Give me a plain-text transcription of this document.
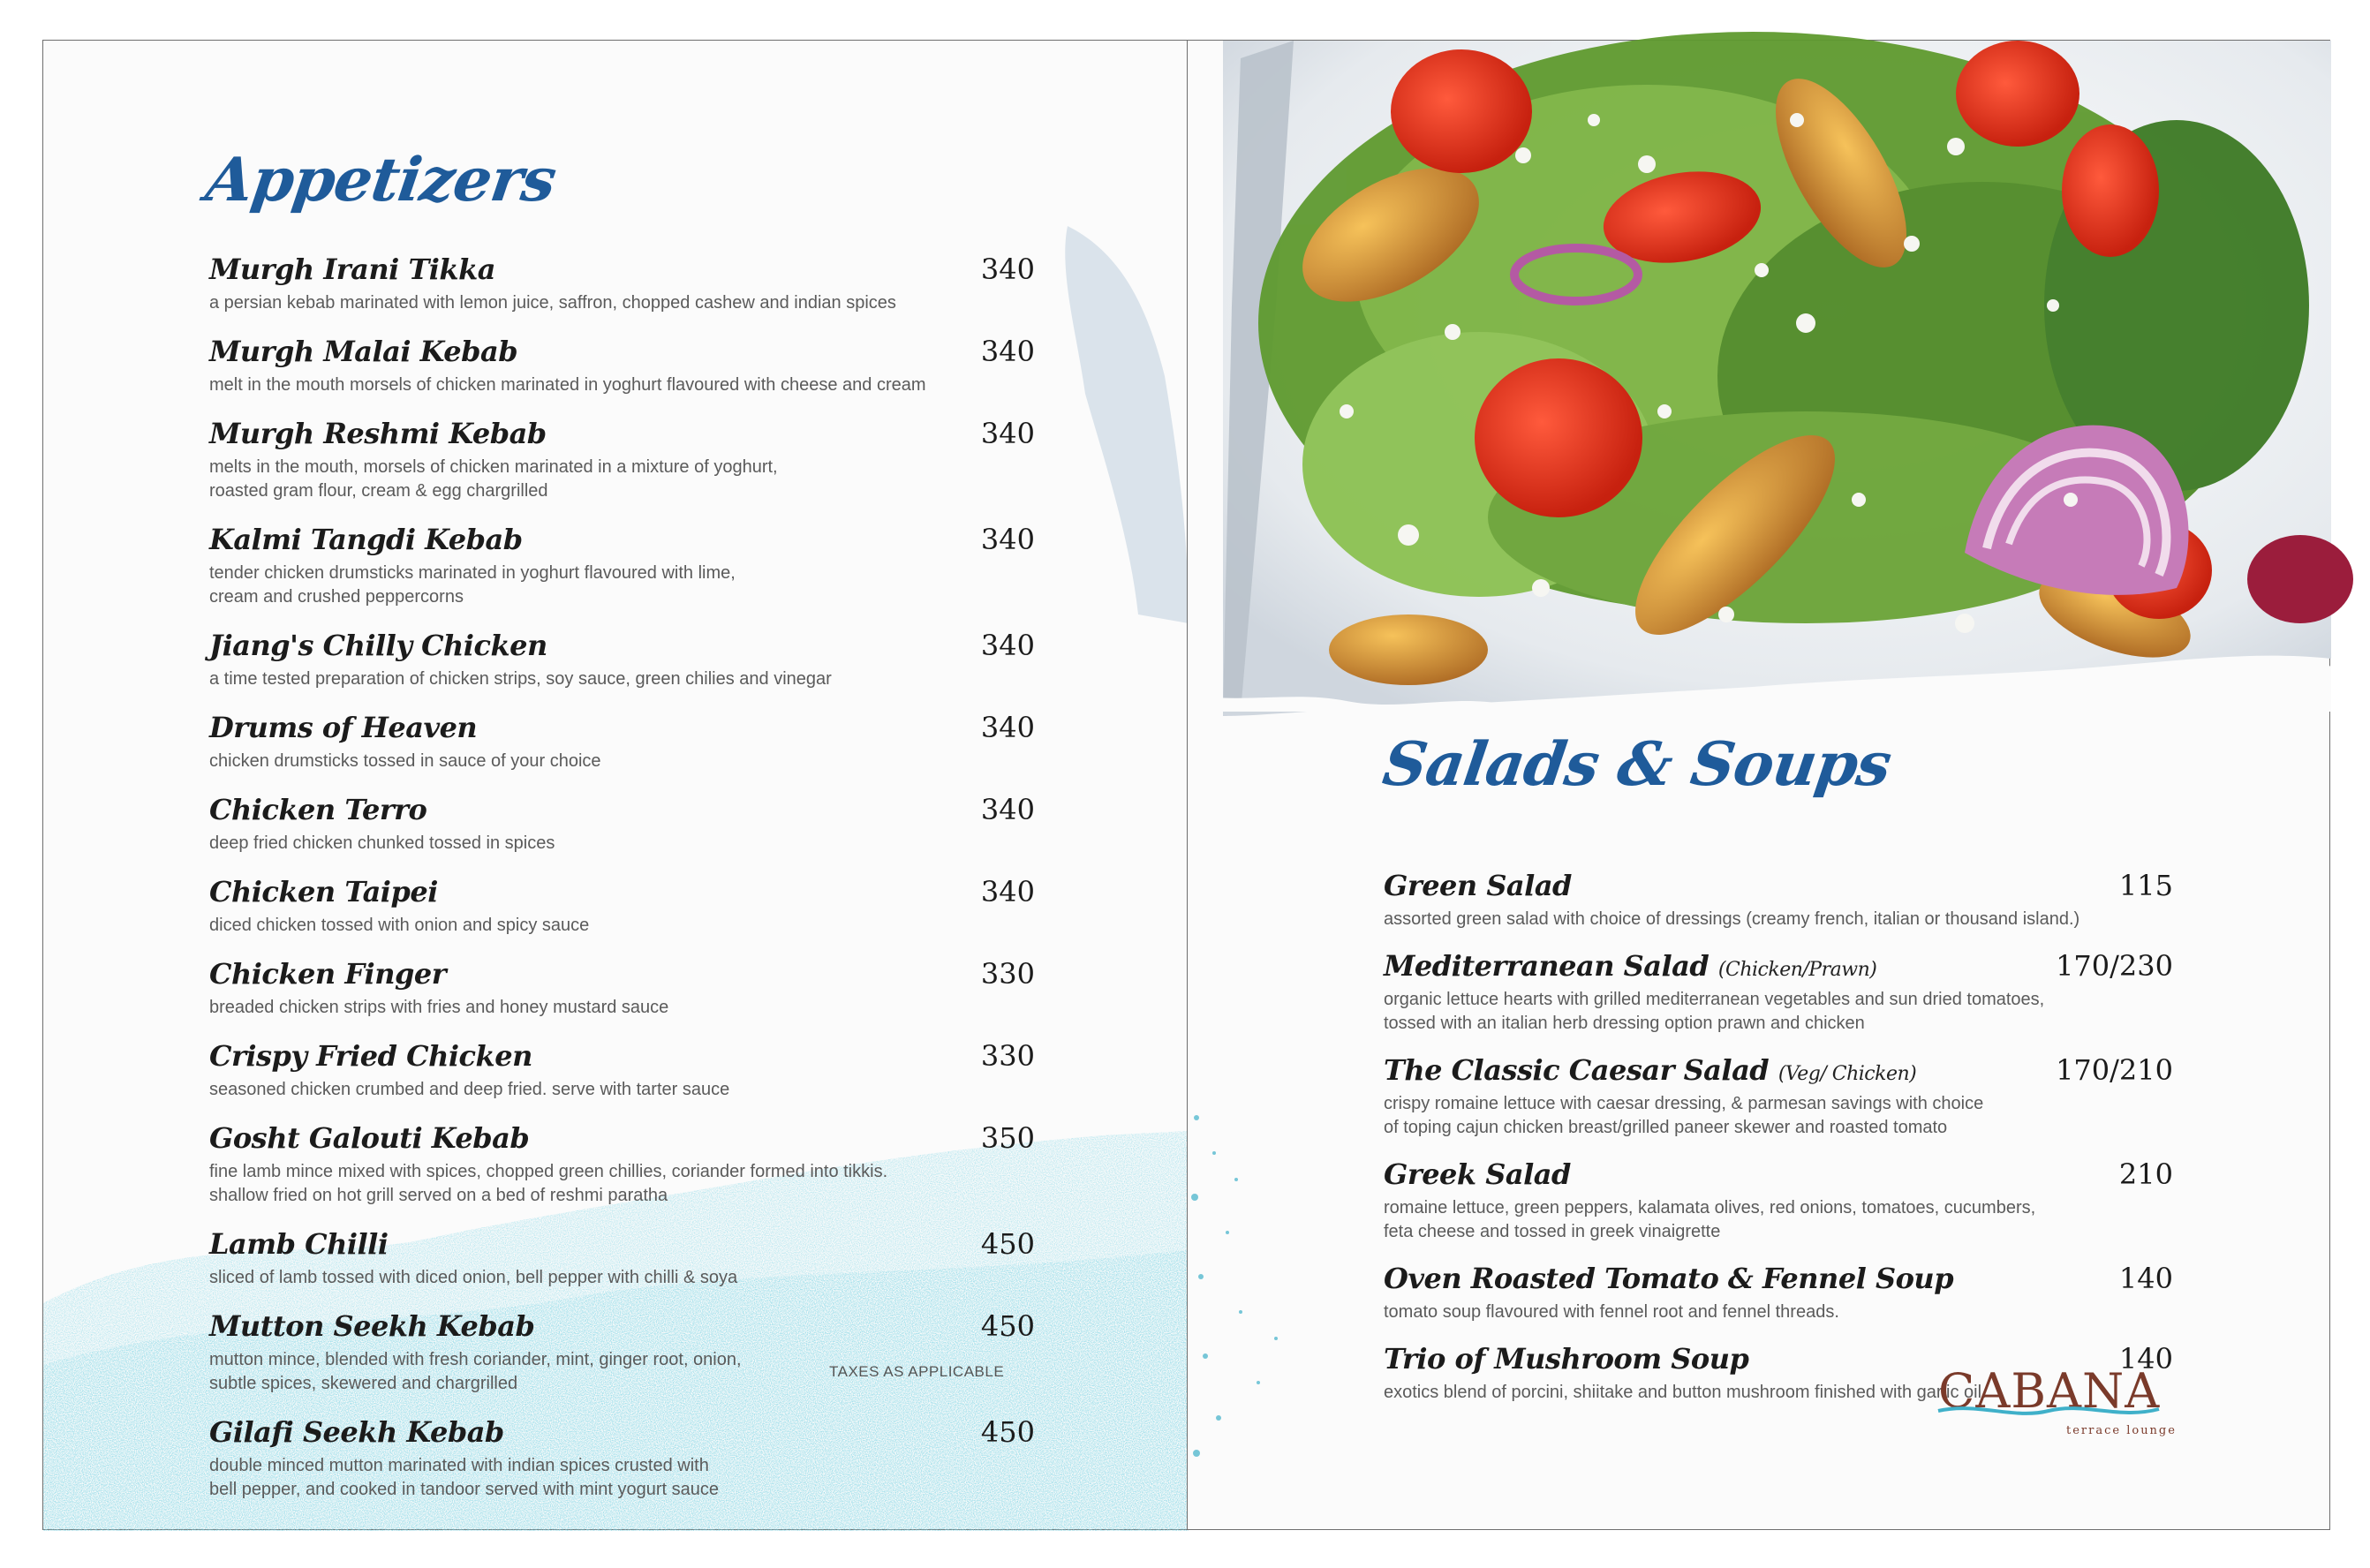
Appetizers
Murgh Irani Tikka	340
a persian kebab marinated with lemon juice, saffron, chopped cashew and indian spices
Murgh Malai Kebab	340
melt in the mouth morsels of chicken marinated in yoghurt flavoured with cheese and cream
Murgh Reshmi Kebab	340
melts in the mouth, morsels of chicken marinated in a mixture of yoghurt,
roasted gram flour, cream & egg chargrilled
Kalmi Tangdi Kebab	340
tender chicken drumsticks marinated in yoghurt flavoured with lime,
cream and crushed peppercorns
Jiang's Chilly Chicken	340
a time tested preparation of chicken strips, soy sauce, green chilies and vinegar
Drums of Heaven	340
chicken drumsticks tossed in sauce of your choice
Chicken Terro	340
deep fried chicken chunked tossed in spices
Chicken Taipei	340
diced chicken tossed with onion and spicy sauce
Chicken Finger	330
breaded chicken strips with fries and honey mustard sauce
Crispy Fried Chicken	330
seasoned chicken crumbed and deep fried. serve with tarter sauce
Gosht Galouti Kebab	350
fine lamb mince mixed with spices, chopped green chillies, coriander formed into tikkis.
shallow fried on hot grill served on a bed of reshmi paratha
Lamb Chilli	450
sliced of lamb tossed with diced onion, bell pepper with chilli & soya
Mutton Seekh Kebab	450
mutton mince, blended with fresh coriander, mint, ginger root, onion,
subtle spices, skewered and chargrilled
Gilafi Seekh Kebab	450
double minced mutton marinated with indian spices crusted with
bell pepper, and cooked in tandoor served with mint yogurt sauce
TAXES AS APPLICABLE
Salads & Soups
Green Salad	115
assorted green salad with choice of dressings (creamy french, italian or thousand island.)
Mediterranean Salad (Chicken/Prawn)	170/230
organic lettuce hearts with grilled mediterranean vegetables and sun dried tomatoes,
tossed with an italian herb dressing option prawn and chicken
The Classic Caesar Salad (Veg/ Chicken)	170/210
crispy romaine lettuce with caesar dressing, & parmesan savings with choice
of toping cajun chicken breast/grilled paneer skewer and roasted tomato
Greek Salad	210
romaine lettuce, green peppers, kalamata olives, red onions, tomatoes, cucumbers,
feta cheese and tossed in greek vinaigrette
Oven Roasted Tomato & Fennel Soup	140
tomato soup flavoured with fennel root and fennel threads.
Trio of Mushroom Soup	140
exotics blend of porcini, shiitake and button mushroom finished with garlic oil.
CABANA
terrace lounge
